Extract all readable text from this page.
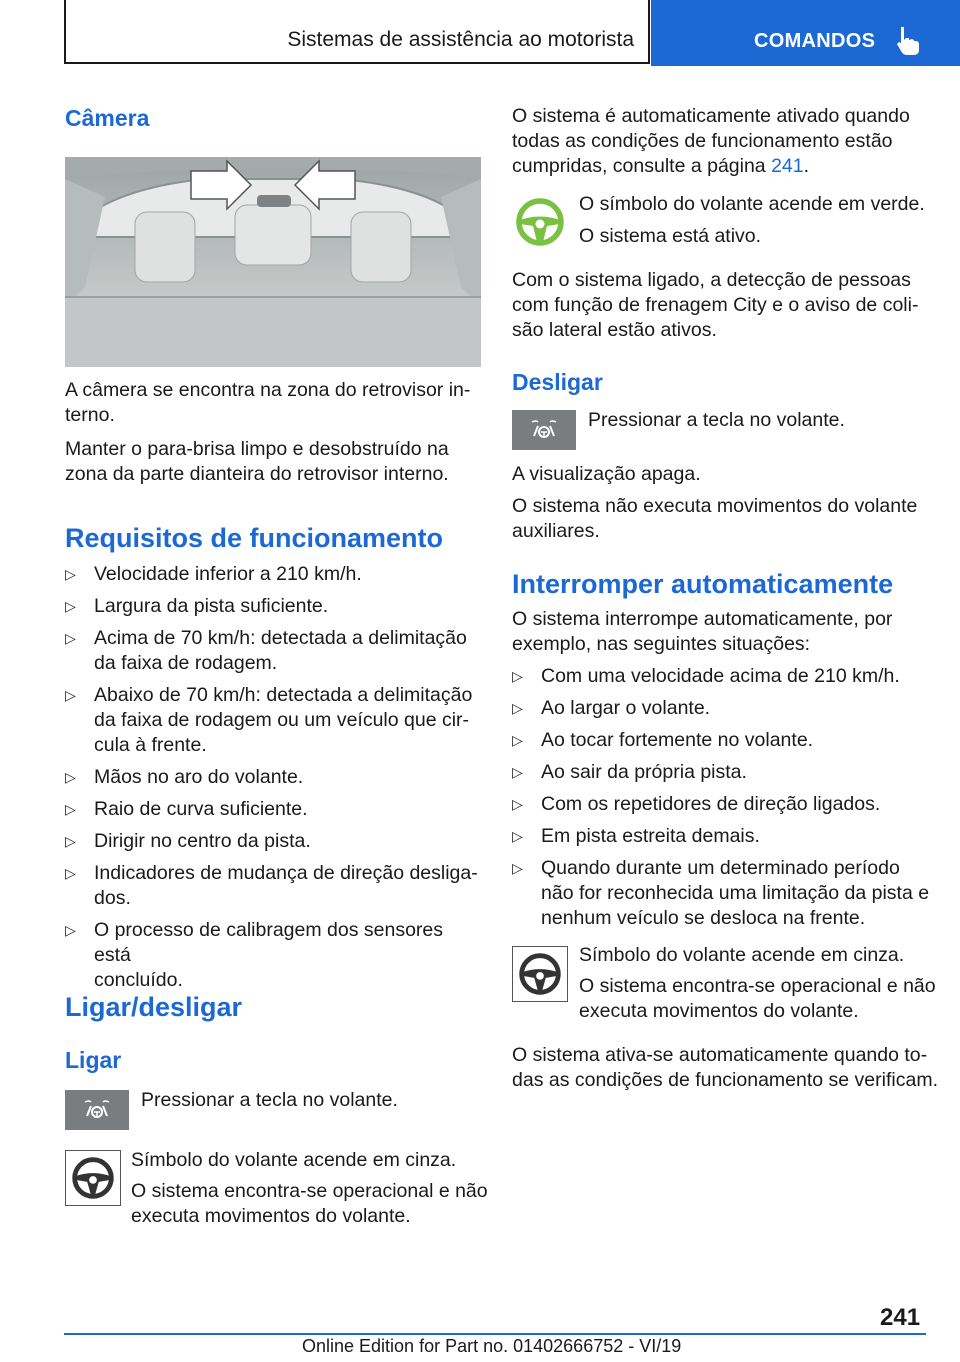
Sistemas de assistência ao motorista	COMANDOS
Câmera
A câmera se encontra na zona do retrovisor in-
terno.
Manter o para-brisa limpo e desobstruído na
zona da parte dianteira do retrovisor interno.
Requisitos de funcionamento
▷ Velocidade inferior a 210 km/h.
▷ Largura da pista suficiente.
▷ Acima de 70 km/h: detectada a delimitação
da faixa de rodagem.
▷ Abaixo de 70 km/h: detectada a delimitação
da faixa de rodagem ou um veículo que cir-
cula à frente.
▷ Mãos no aro do volante.
▷ Raio de curva suficiente.
▷ Dirigir no centro da pista.
▷ Indicadores de mudança de direção desliga-
dos.
▷ O processo de calibragem dos sensores está
concluído.
Ligar/desligar
Ligar
Pressionar a tecla no volante.
Símbolo do volante acende em cinza.
O sistema encontra-se operacional e não
executa movimentos do volante.
O sistema é automaticamente ativado quando
todas as condições de funcionamento estão
cumpridas, consulte a página 241.
O símbolo do volante acende em verde.
O sistema está ativo.
Com o sistema ligado, a detecção de pessoas
com função de frenagem City e o aviso de coli-
são lateral estão ativos.
Desligar
Pressionar a tecla no volante.
A visualização apaga.
O sistema não executa movimentos do volante
auxiliares.
Interromper automaticamente
O sistema interrompe automaticamente, por
exemplo, nas seguintes situações:
▷ Com uma velocidade acima de 210 km/h.
▷ Ao largar o volante.
▷ Ao tocar fortemente no volante.
▷ Ao sair da própria pista.
▷ Com os repetidores de direção ligados.
▷ Em pista estreita demais.
▷ Quando durante um determinado período
não for reconhecida uma limitação da pista e
nenhum veículo se desloca na frente.
Símbolo do volante acende em cinza.
O sistema encontra-se operacional e não
executa movimentos do volante.
O sistema ativa-se automaticamente quando to-
das as condições de funcionamento se verificam.
241
Online Edition for Part no. 01402666752 - VI/19
